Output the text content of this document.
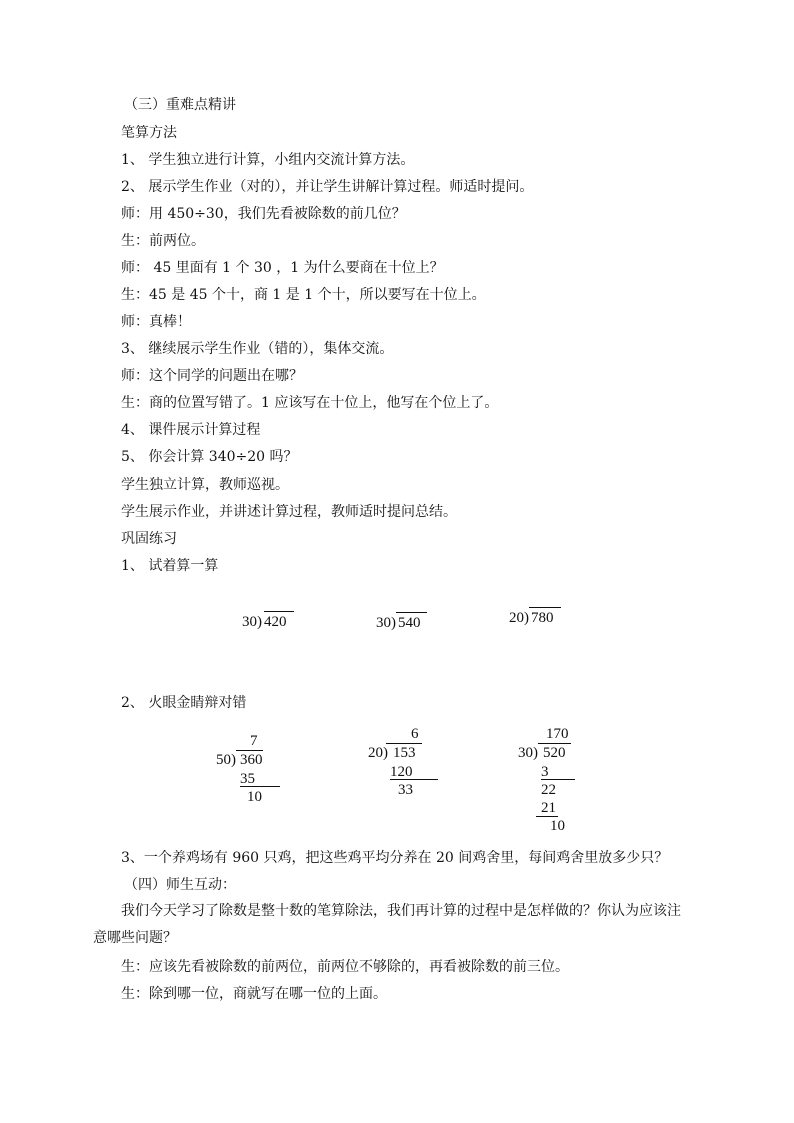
（三）重难点精讲
笔算方法
1、 学生独立进行计算，小组内交流计算方法。
2、 展示学生作业（对的），并让学生讲解计算过程。师适时提问。
师：用 450÷30，我们先看被除数的前几位？
生：前两位。
师： 45 里面有 1 个 30 ，1 为什么要商在十位上？
生：45 是 45 个十，商 1 是 1 个十，所以要写在十位上。
师：真棒！
3、 继续展示学生作业（错的），集体交流。
师：这个同学的问题出在哪？
生：商的位置写错了。1 应该写在十位上，他写在个位上了。
4、 课件展示计算过程
5、 你会计算 340÷20 吗？
学生独立计算，教师巡视。
学生展示作业，并讲述计算过程，教师适时提问总结。
巩固练习
1、 试着算一算
30) 420	30) 540	20) 780
2、 火眼金睛辩对错
7
50) 360
35
10
6
20) 153
120
33
170
30) 520
3
22
21
10
3、一个养鸡场有 960 只鸡，把这些鸡平均分养在 20 间鸡舍里，每间鸡舍里放多少只？
（四）师生互动：
我们今天学习了除数是整十数的笔算除法，我们再计算的过程中是怎样做的？你认为应该注意哪些问题？
生：应该先看被除数的前两位，前两位不够除的，再看被除数的前三位。
生：除到哪一位，商就写在哪一位的上面。
